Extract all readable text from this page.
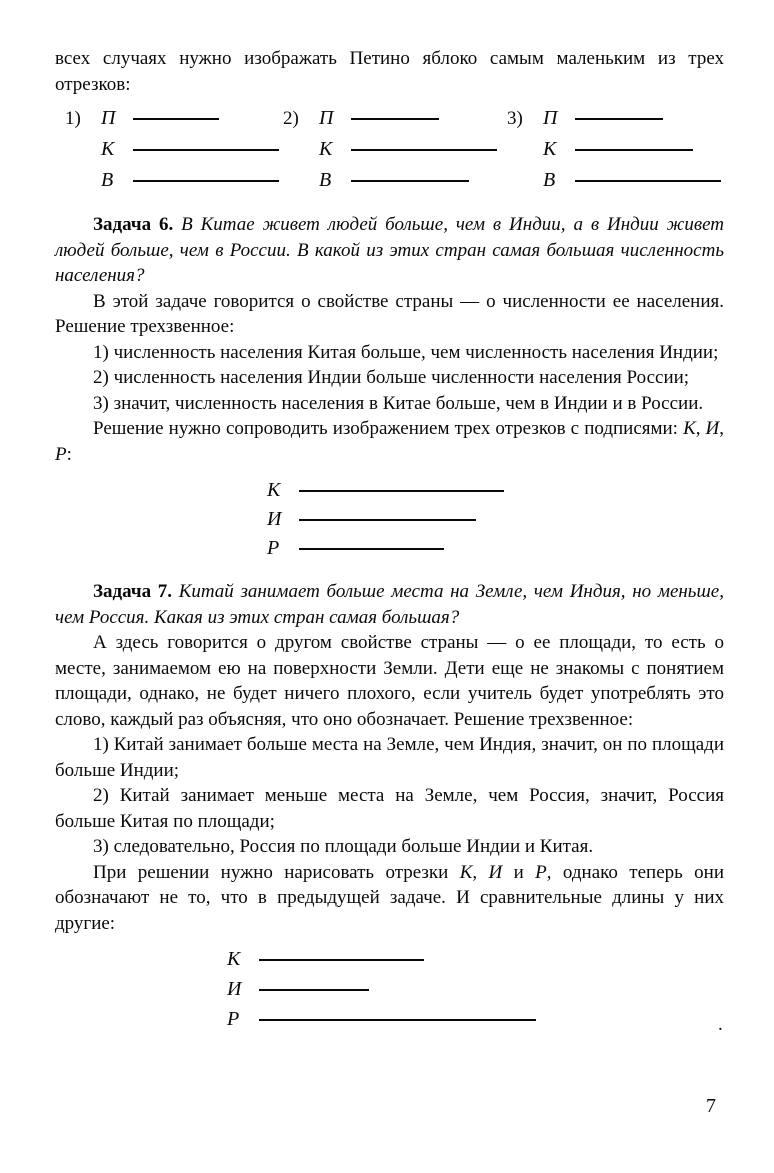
всех случаях нужно изображать Петино яблоко самым маленьким из трех отрезков:

1)	П
К
В
2)	П
К
В
3)	П
К
В

Задача 6. В Китае живет людей больше, чем в Индии, а в Индии живет людей больше, чем в России. В какой из этих стран самая большая численность населения?

В этой задаче говорится о свойстве страны — о численности ее населения. Решение трехзвенное:

1) численность населения Китая больше, чем численность населения Индии;

2) численность населения Индии больше численности населения России;

3) значит, численность населения в Китае больше, чем в Индии и в России.

Решение нужно сопроводить изображением трех отрезков с подписями: К, И, Р:

К
И
Р

Задача 7. Китай занимает больше места на Земле, чем Индия, но меньше, чем Россия. Какая из этих стран самая большая?

А здесь говорится о другом свойстве страны — о ее площади, то есть о месте, занимаемом ею на поверхности Земли. Дети еще не знакомы с понятием площади, однако, не будет ничего плохого, если учитель будет употреблять это слово, каждый раз объясняя, что оно обозначает. Решение трехзвенное:

1) Китай занимает больше места на Земле, чем Индия, значит, он по площади больше Индии;

2) Китай занимает меньше места на Земле, чем Россия, значит, Россия больше Китая по площади;

3) следовательно, Россия по площади больше Индии и Китая.

При решении нужно нарисовать отрезки К, И и Р, однако теперь они обозначают не то, что в предыдущей задаче. И сравнительные длины у них другие:

К
И
Р	.
7
